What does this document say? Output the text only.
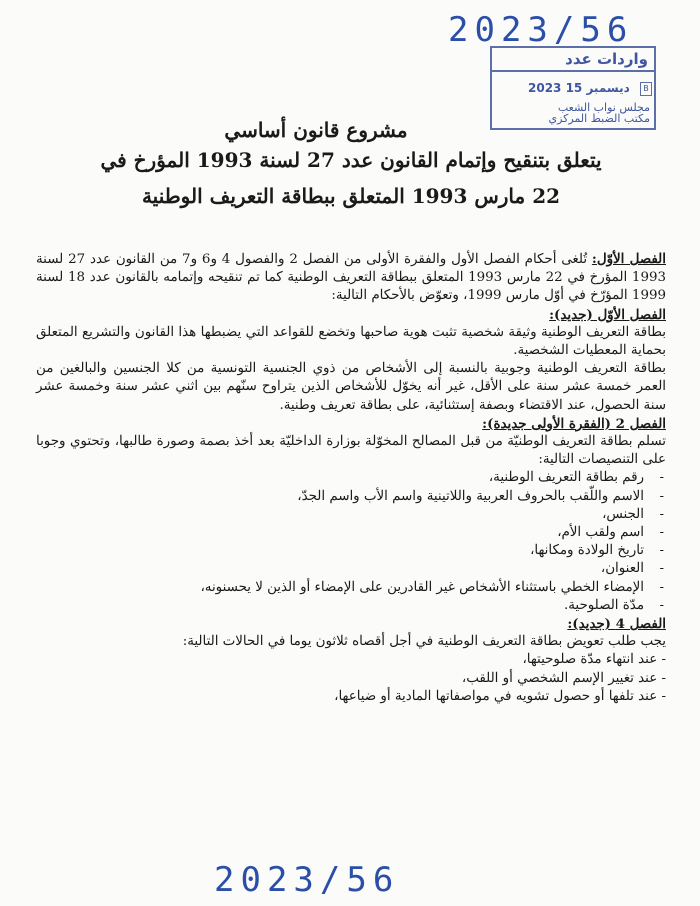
2023/56
واردات عدد
B
2023 15 ديسمبر
مجلس نواب الشعب
مكتب الضبط المركزي
مشروع قانون أساسي
يتعلق بتنقيح وإتمام القانون عدد 27 لسنة 1993 المؤرخ في
22 مارس 1993 المتعلق ببطاقة التعريف الوطنية

الفصل الأوّل: تُلغى أحكام الفصل الأول والفقرة الأولى من الفصل 2 والفصول 4 و6 و7 من القانون عدد 27 لسنة 1993 المؤرخ في 22 مارس 1993 المتعلق ببطاقة التعريف الوطنية كما تم تنقيحه وإتمامه بالقانون عدد 18 لسنة 1999 المؤرّخ في أوّل مارس 1999، وتعوّض بالأحكام التالية:

الفصل الأوّل (جديد):

بطاقة التعريف الوطنية وثيقة شخصية تثبت هوية صاحبها وتخضع للقواعد التي يضبطها هذا القانون والتشريع المتعلق بحماية المعطيات الشخصية.

بطاقة التعريف الوطنية وجوبية بالنسبة إلى الأشخاص من ذوي الجنسية التونسية من كلا الجنسين والبالغين من العمر خمسة عشر سنة على الأقل، غير أنه يخوّل للأشخاص الذين يتراوح سنّهم بين اثني عشر سنة وخمسة عشر سنة الحصول، عند الاقتضاء وبصفة إستثنائية، على بطاقة تعريف وطنية.

الفصل 2 (الفقرة الأولى جديدة):

تسلم بطاقة التعريف الوطنيّة من قبل المصالح المخوّلة بوزارة الداخليّة بعد أخذ بصمة وصورة طالبها، وتحتوي وجوبا على التنصيصات التالية:

- رقم بطاقة التعريف الوطنية،
- الاسم واللّقب بالحروف العربية واللاتينية واسم الأب واسم الجدّ،
- الجنس،
- اسم ولقب الأم،
- تاريخ الولادة ومكانها،
- العنوان،
- الإمضاء الخطي باستثناء الأشخاص غير القادرين على الإمضاء أو الذين لا يحسنونه،
- مدّة الصلوحية.

الفصل 4 (جديد):

يجب طلب تعويض بطاقة التعريف الوطنية في أجل أقصاه ثلاثون يوما في الحالات التالية:

- عند انتهاء مدّة صلوحيتها،
- عند تغيير الإسم الشخصي أو اللقب،
- عند تلفها أو حصول تشويه في مواصفاتها المادية أو ضياعها،
2023/56
